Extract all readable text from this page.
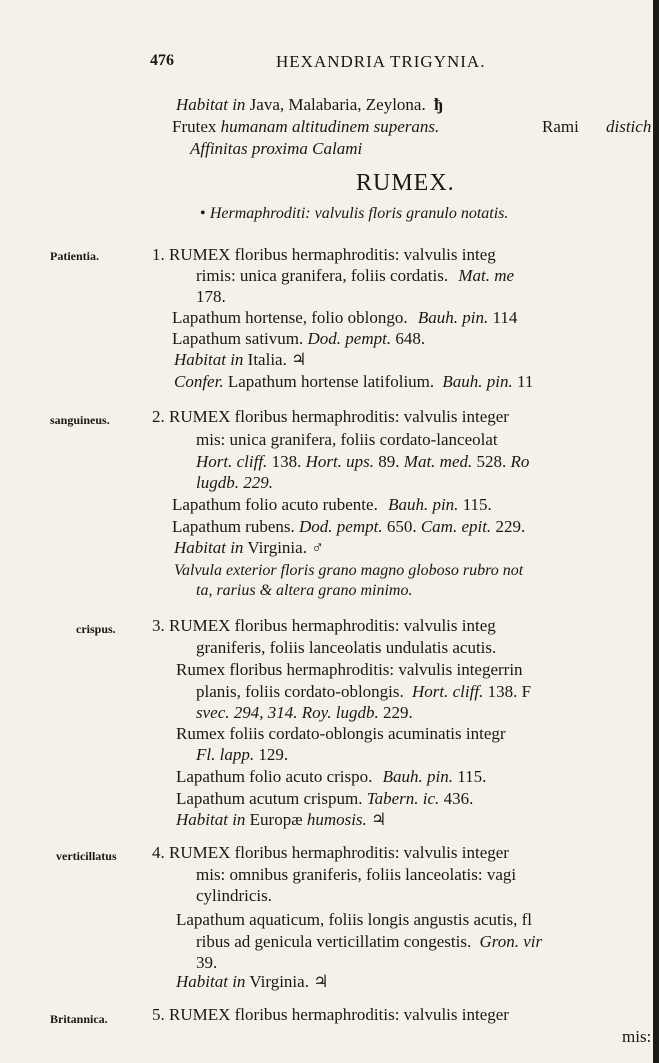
476	HEXANDRIA TRIGYNIA.
Habitat in Java, Malabaria, Zeylona. ђ
Frutex humanam altitudinem superans.	Rami distich
Affinitas proxima Calami
RUMEX.
• Hermaphroditi: valvulis floris granulo notatis.
Patientia.	1. RUMEX floribus hermaphroditis: valvulis integ
rimis: unica granifera, foliis cordatis. Mat. me
178.
Lapathum hortense, folio oblongo. Bauh. pin. 114
Lapathum sativum. Dod. pempt. 648.
Habitat in Italia. ♃
Confer. Lapathum hortense latifolium. Bauh. pin. 11
sanguineus. 2. RUMEX floribus hermaphroditis: valvulis integer
mis: unica granifera, foliis cordato-lanceolat
Hort. cliff. 138. Hort. ups. 89. Mat. med. 528. Ro
lugdb. 229.
Lapathum folio acuto rubente. Bauh. pin. 115.
Lapathum rubens. Dod. pempt. 650. Cam. epit. 229.
Habitat in Virginia. ♂
Valvula exterior floris grano magno globoso rubro not
ta, rarius & altera grano minimo.
crispus. 3. RUMEX floribus hermaphroditis: valvulis integ
graniferis, foliis lanceolatis undulatis acutis.
Rumex floribus hermaphroditis: valvulis integerrin
planis, foliis cordato-oblongis. Hort. cliff. 138. F
svec. 294, 314. Roy. lugdb. 229.
Rumex foliis cordato-oblongis acuminatis integr
Fl. lapp. 129.
Lapathum folio acuto crispo. Bauh. pin. 115.
Lapathum acutum crispum. Tabern. ic. 436.
Habitat in Europæ humosis. ♃
verticillatus 4. RUMEX floribus hermaphroditis: valvulis integer
mis: omnibus graniferis, foliis lanceolatis: vagi
cylindricis.
Lapathum aquaticum, foliis longis angustis acutis, fl
ribus ad genicula verticillatim congestis. Gron. vir
39.
Habitat in Virginia. ♃
Britannica.	5. RUMEX floribus hermaphroditis: valvulis integer
mis:
